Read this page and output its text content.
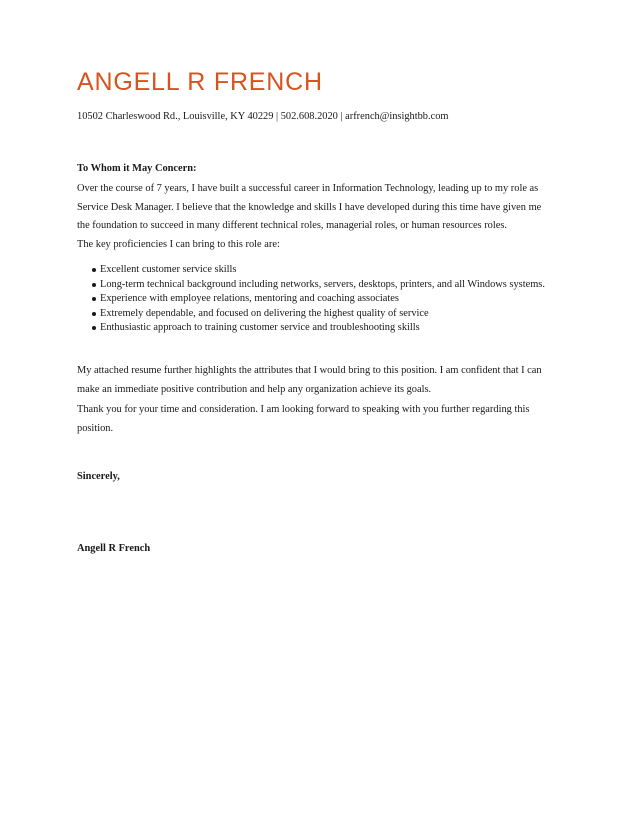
ANGELL R FRENCH
10502 Charleswood Rd., Louisville, KY 40229 | 502.608.2020 | arfrench@insightbb.com
To Whom it May Concern:
Over the course of 7 years, I have built a successful career in Information Technology, leading up to my role as Service Desk Manager. I believe that the knowledge and skills I have developed during this time have given me the foundation to succeed in many different technical roles, managerial roles, or human resources roles.
The key proficiencies I can bring to this role are:
Excellent customer service skills
Long-term technical background including networks, servers, desktops, printers, and all Windows systems.
Experience with employee relations, mentoring and coaching associates
Extremely dependable, and focused on delivering the highest quality of service
Enthusiastic approach to training customer service and troubleshooting skills
My attached resume further highlights the attributes that I would bring to this position. I am confident that I can make an immediate positive contribution and help any organization achieve its goals.
Thank you for your time and consideration. I am looking forward to speaking with you further regarding this position.
Sincerely,
Angell R French
